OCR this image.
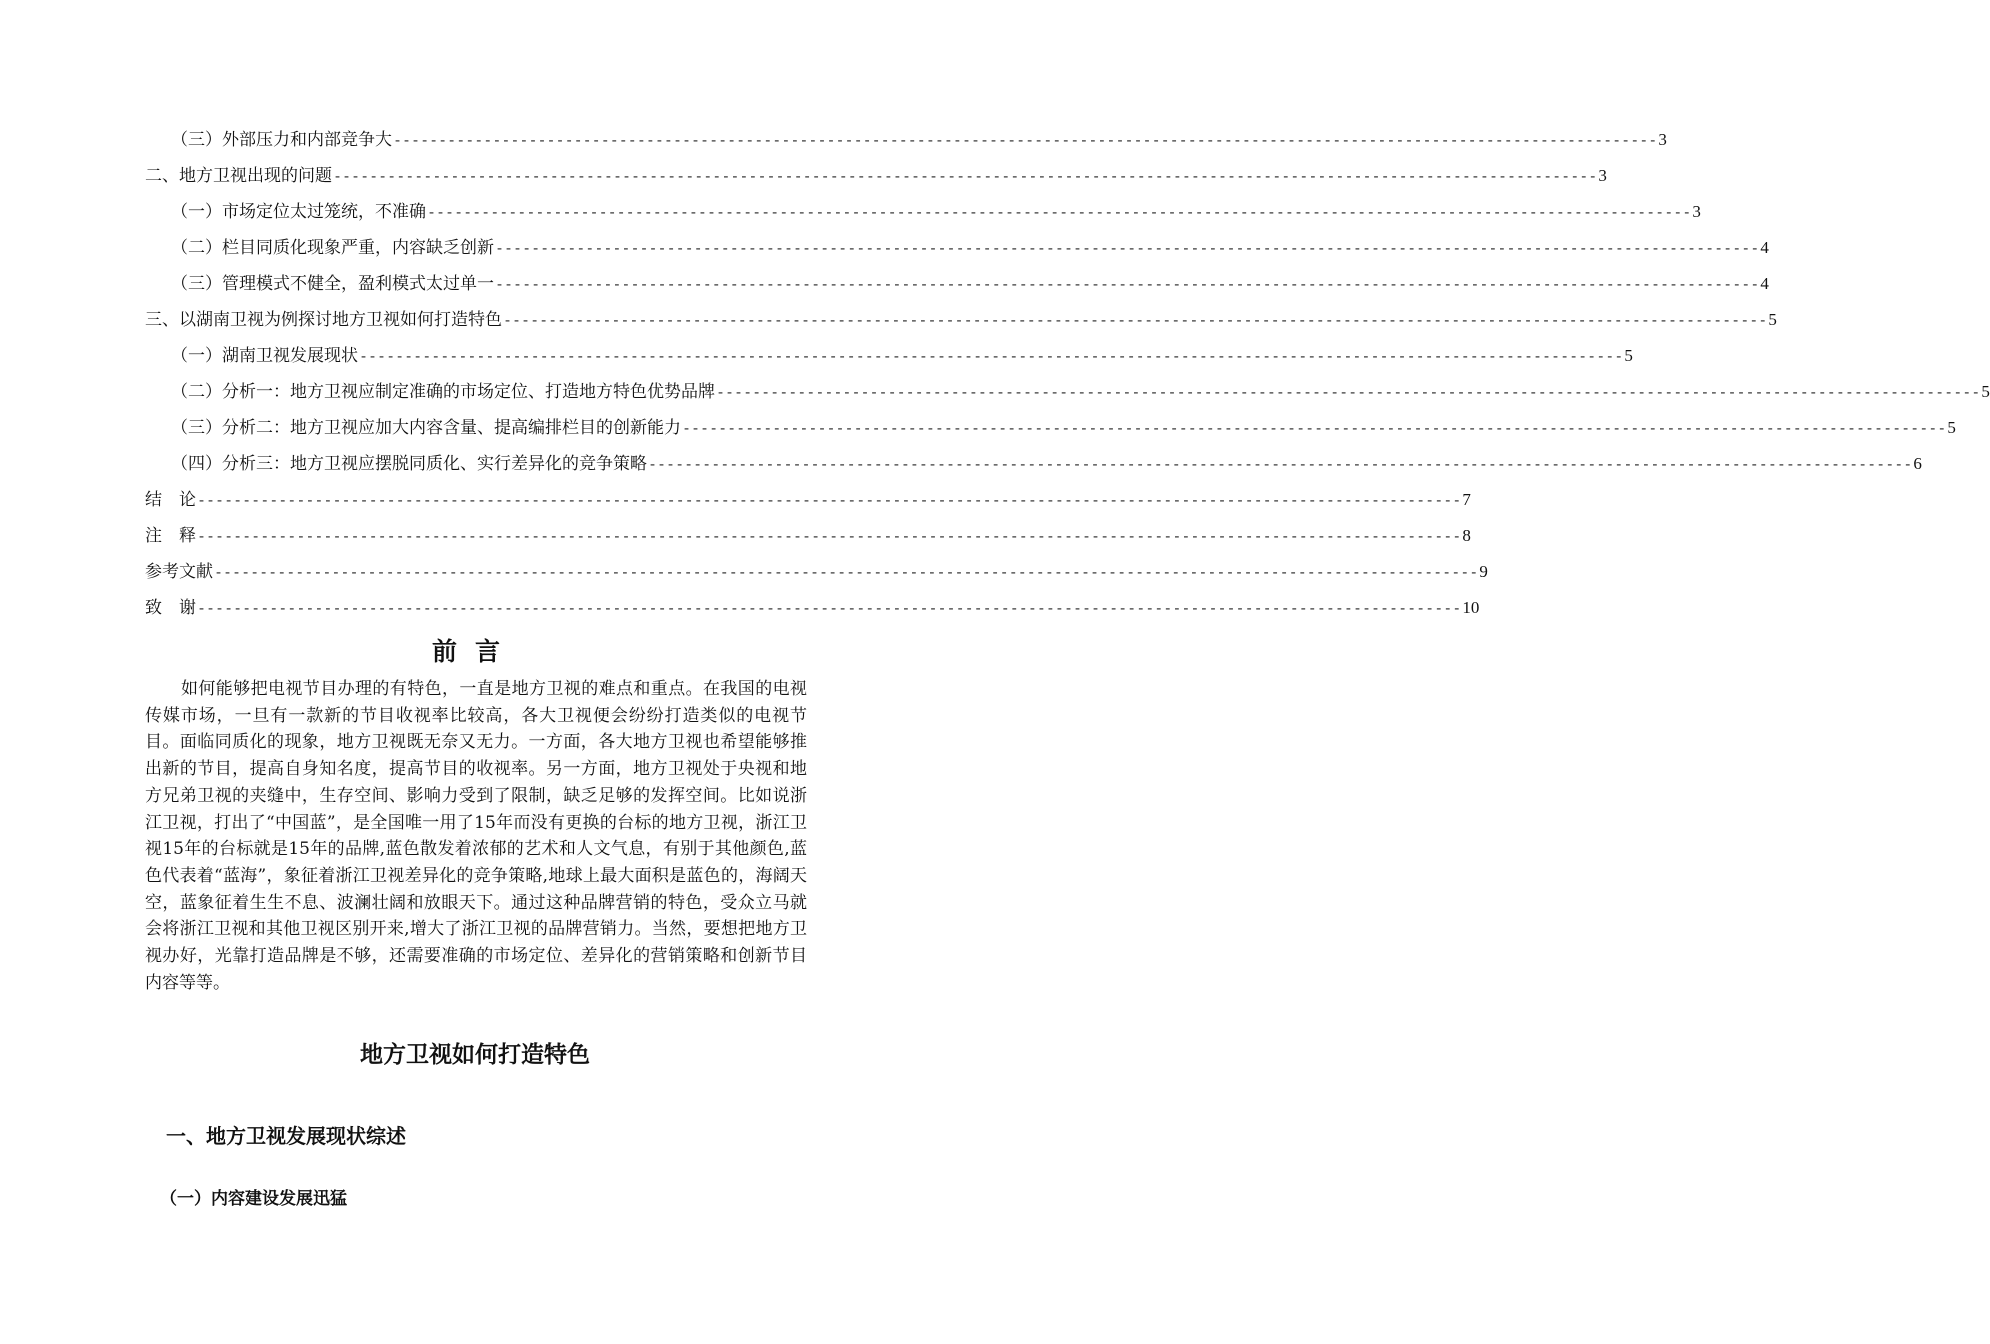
（三）外部压力和内部竞争大 -------------------------------------------------------------------------------------------------------------------------------------------- 3
二、地方卫视出现的问题 -------------------------------------------------------------------------------------------------------------------------------------------- 3
（一）市场定位太过笼统，不准确 -------------------------------------------------------------------------------------------------------------------------------------------- 3
（二）栏目同质化现象严重，内容缺乏创新 -------------------------------------------------------------------------------------------------------------------------------------------- 4
（三）管理模式不健全，盈利模式太过单一 -------------------------------------------------------------------------------------------------------------------------------------------- 4
三、以湖南卫视为例探讨地方卫视如何打造特色 -------------------------------------------------------------------------------------------------------------------------------------------- 5
（一）湖南卫视发展现状 -------------------------------------------------------------------------------------------------------------------------------------------- 5
（二）分析一：地方卫视应制定准确的市场定位、打造地方特色优势品牌 -------------------------------------------------------------------------------------------------------------------------------------------- 5
（三）分析二：地方卫视应加大内容含量、提高编排栏目的创新能力 -------------------------------------------------------------------------------------------------------------------------------------------- 5
（四）分析三：地方卫视应摆脱同质化、实行差异化的竞争策略 -------------------------------------------------------------------------------------------------------------------------------------------- 6
结　论 -------------------------------------------------------------------------------------------------------------------------------------------- 7
注　释 -------------------------------------------------------------------------------------------------------------------------------------------- 8
参考文献 -------------------------------------------------------------------------------------------------------------------------------------------- 9
致　谢 -------------------------------------------------------------------------------------------------------------------------------------------- 10
前言
如何能够把电视节目办理的有特色，一直是地方卫视的难点和重点。在我国的电视传媒市场，一旦有一款新的节目收视率比较高，各大卫视便会纷纷打造类似的电视节目。面临同质化的现象，地方卫视既无奈又无力。一方面，各大地方卫视也希望能够推出新的节目，提高自身知名度，提高节目的收视率。另一方面，地方卫视处于央视和地方兄弟卫视的夹缝中，生存空间、影响力受到了限制，缺乏足够的发挥空间。比如说浙江卫视，打出了“中国蓝”，是全国唯一用了15年而没有更换的台标的地方卫视，浙江卫视15年的台标就是15年的品牌,蓝色散发着浓郁的艺术和人文气息，有别于其他颜色,蓝色代表着“蓝海”，象征着浙江卫视差异化的竞争策略,地球上最大面积是蓝色的，海阔天空，蓝象征着生生不息、波澜壮阔和放眼天下。通过这种品牌营销的特色，受众立马就会将浙江卫视和其他卫视区别开来,增大了浙江卫视的品牌营销力。当然，要想把地方卫视办好，光靠打造品牌是不够，还需要准确的市场定位、差异化的营销策略和创新节目内容等等。
地方卫视如何打造特色
一、地方卫视发展现状综述
（一）内容建设发展迅猛
